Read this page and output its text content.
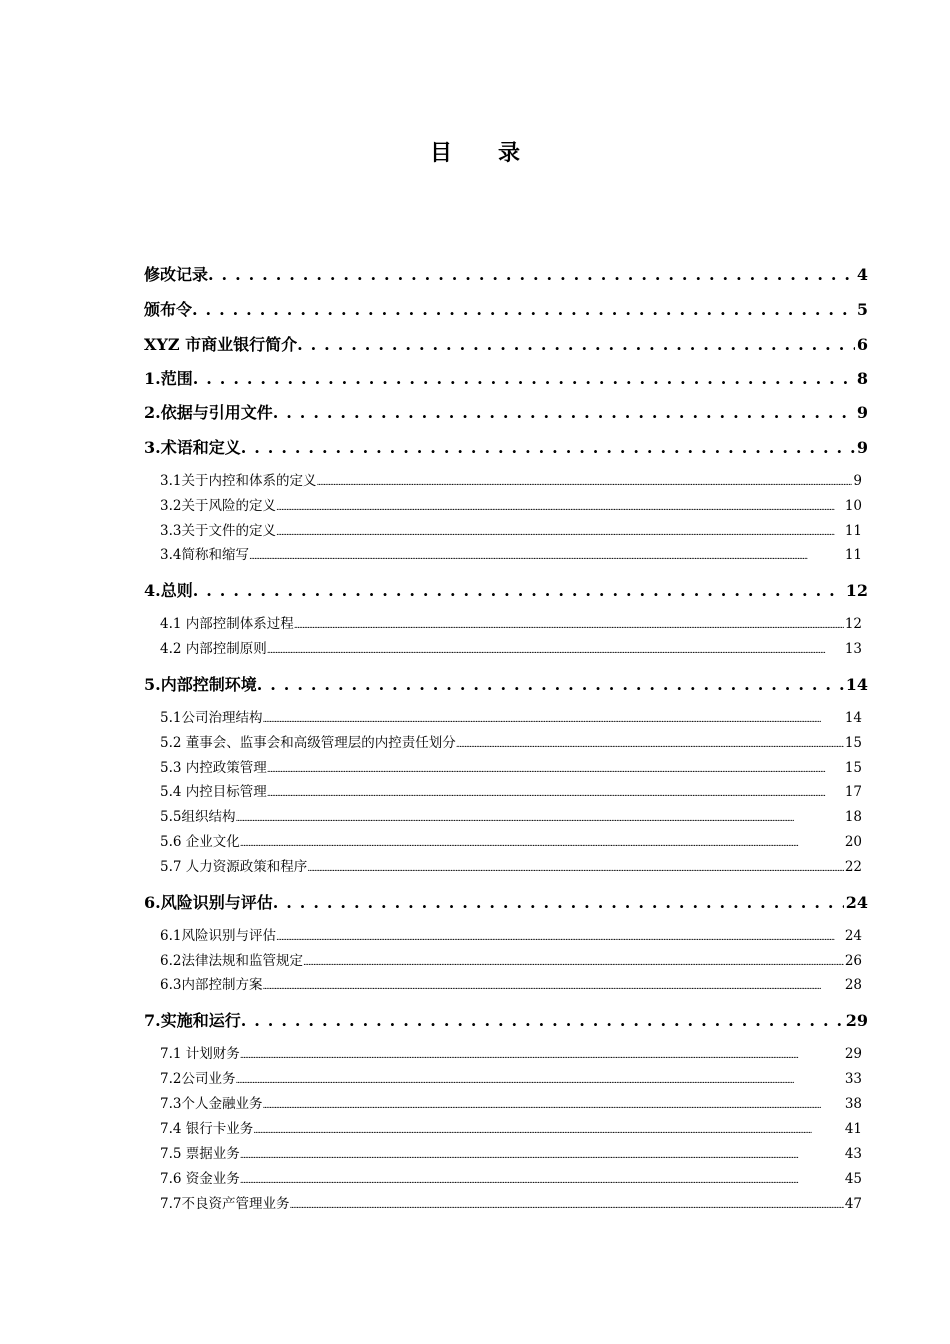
目      录
修改记录 . . .	4
颁布令 . . .	5
XYZ 市商业银行简介 . . .	6
1.范围 . . .	8
2.依据与引用文件 . . .	9
3.术语和定义 . . .	9
3.1关于内控和体系的定义 .....	9
3.2关于风险的定义 .....	10
3.3关于文件的定义 .....	11
3.4简称和缩写 .....	11
4.总则 . . .	12
4.1 内部控制体系过程 .....	12
4.2 内部控制原则 .....	13
5.内部控制环境 . . .	14
5.1公司治理结构 .....	14
5.2 董事会、监事会和高级管理层的内控责任划分 .....	15
5.3 内控政策管理 .....	15
5.4 内控目标管理 .....	17
5.5组织结构 .....	18
5.6 企业文化 .....	20
5.7 人力资源政策和程序 .....	22
6.风险识别与评估 . . .	24
6.1风险识别与评估 .....	24
6.2法律法规和监管规定 .....	26
6.3内部控制方案 .....	28
7.实施和运行 . . .	29
7.1 计划财务 .....	29
7.2公司业务 .....	33
7.3个人金融业务 .....	38
7.4 银行卡业务 .....	41
7.5 票据业务 .....	43
7.6 资金业务 .....	45
7.7不良资产管理业务 .....	47
